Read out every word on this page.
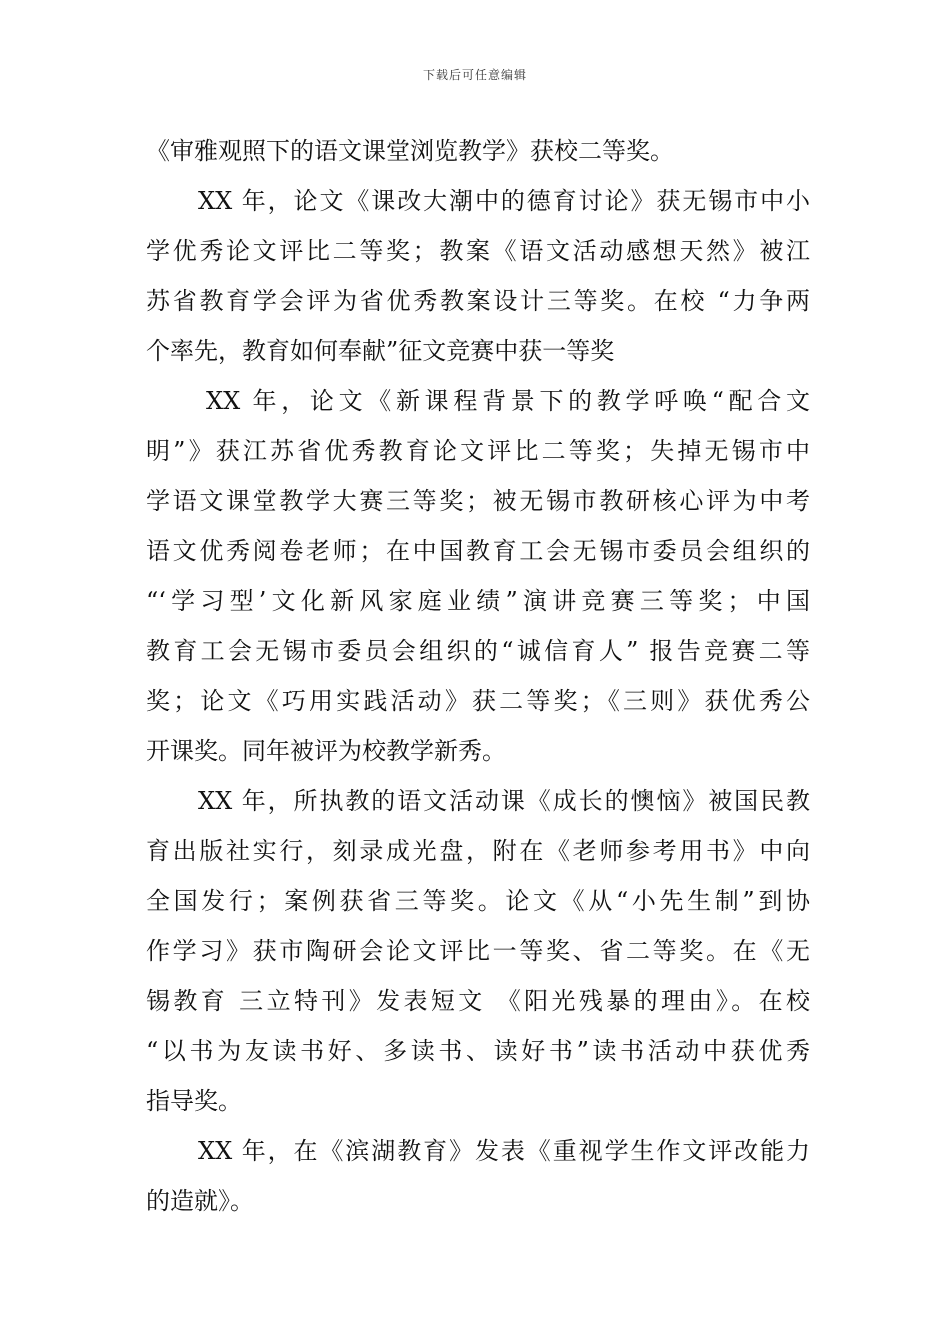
下载后可任意编辑
《审雅观照下的语文课堂浏览教学》获校二等奖。
XX 年，论文《课改大潮中的德育讨论》获无锡市中小
学优秀论文评比二等奖；教案《语文活动感想天然》被江
苏省教育学会评为省优秀教案设计三等奖。在校 “力争两
个率先，教育如何奉献”征文竞赛中获一等奖
XX 年，论文《新课程背景下的教学呼唤“配合文
明”》获江苏省优秀教育论文评比二等奖；失掉无锡市中
学语文课堂教学大赛三等奖；被无锡市教研核心评为中考
语文优秀阅卷老师；在中国教育工会无锡市委员会组织的
“‘学习型’文化新风家庭业绩”演讲竞赛三等奖；中国
教育工会无锡市委员会组织的“诚信育人” 报告竞赛二等
奖；论文《巧用实践活动》获二等奖；《三则》获优秀公
开课奖。同年被评为校教学新秀。
XX 年，所执教的语文活动课《成长的懊恼》被国民教
育出版社实行，刻录成光盘，附在《老师参考用书》中向
全国发行；案例获省三等奖。论文《从“小先生制”到协
作学习》获市陶研会论文评比一等奖、省二等奖。在《无
锡教育 三立特刊》发表短文 《阳光残暴的理由》。在校
“以书为友读书好、多读书、读好书”读书活动中获优秀
指导奖。
XX 年，在《滨湖教育》发表《重视学生作文评改能力
的造就》。
